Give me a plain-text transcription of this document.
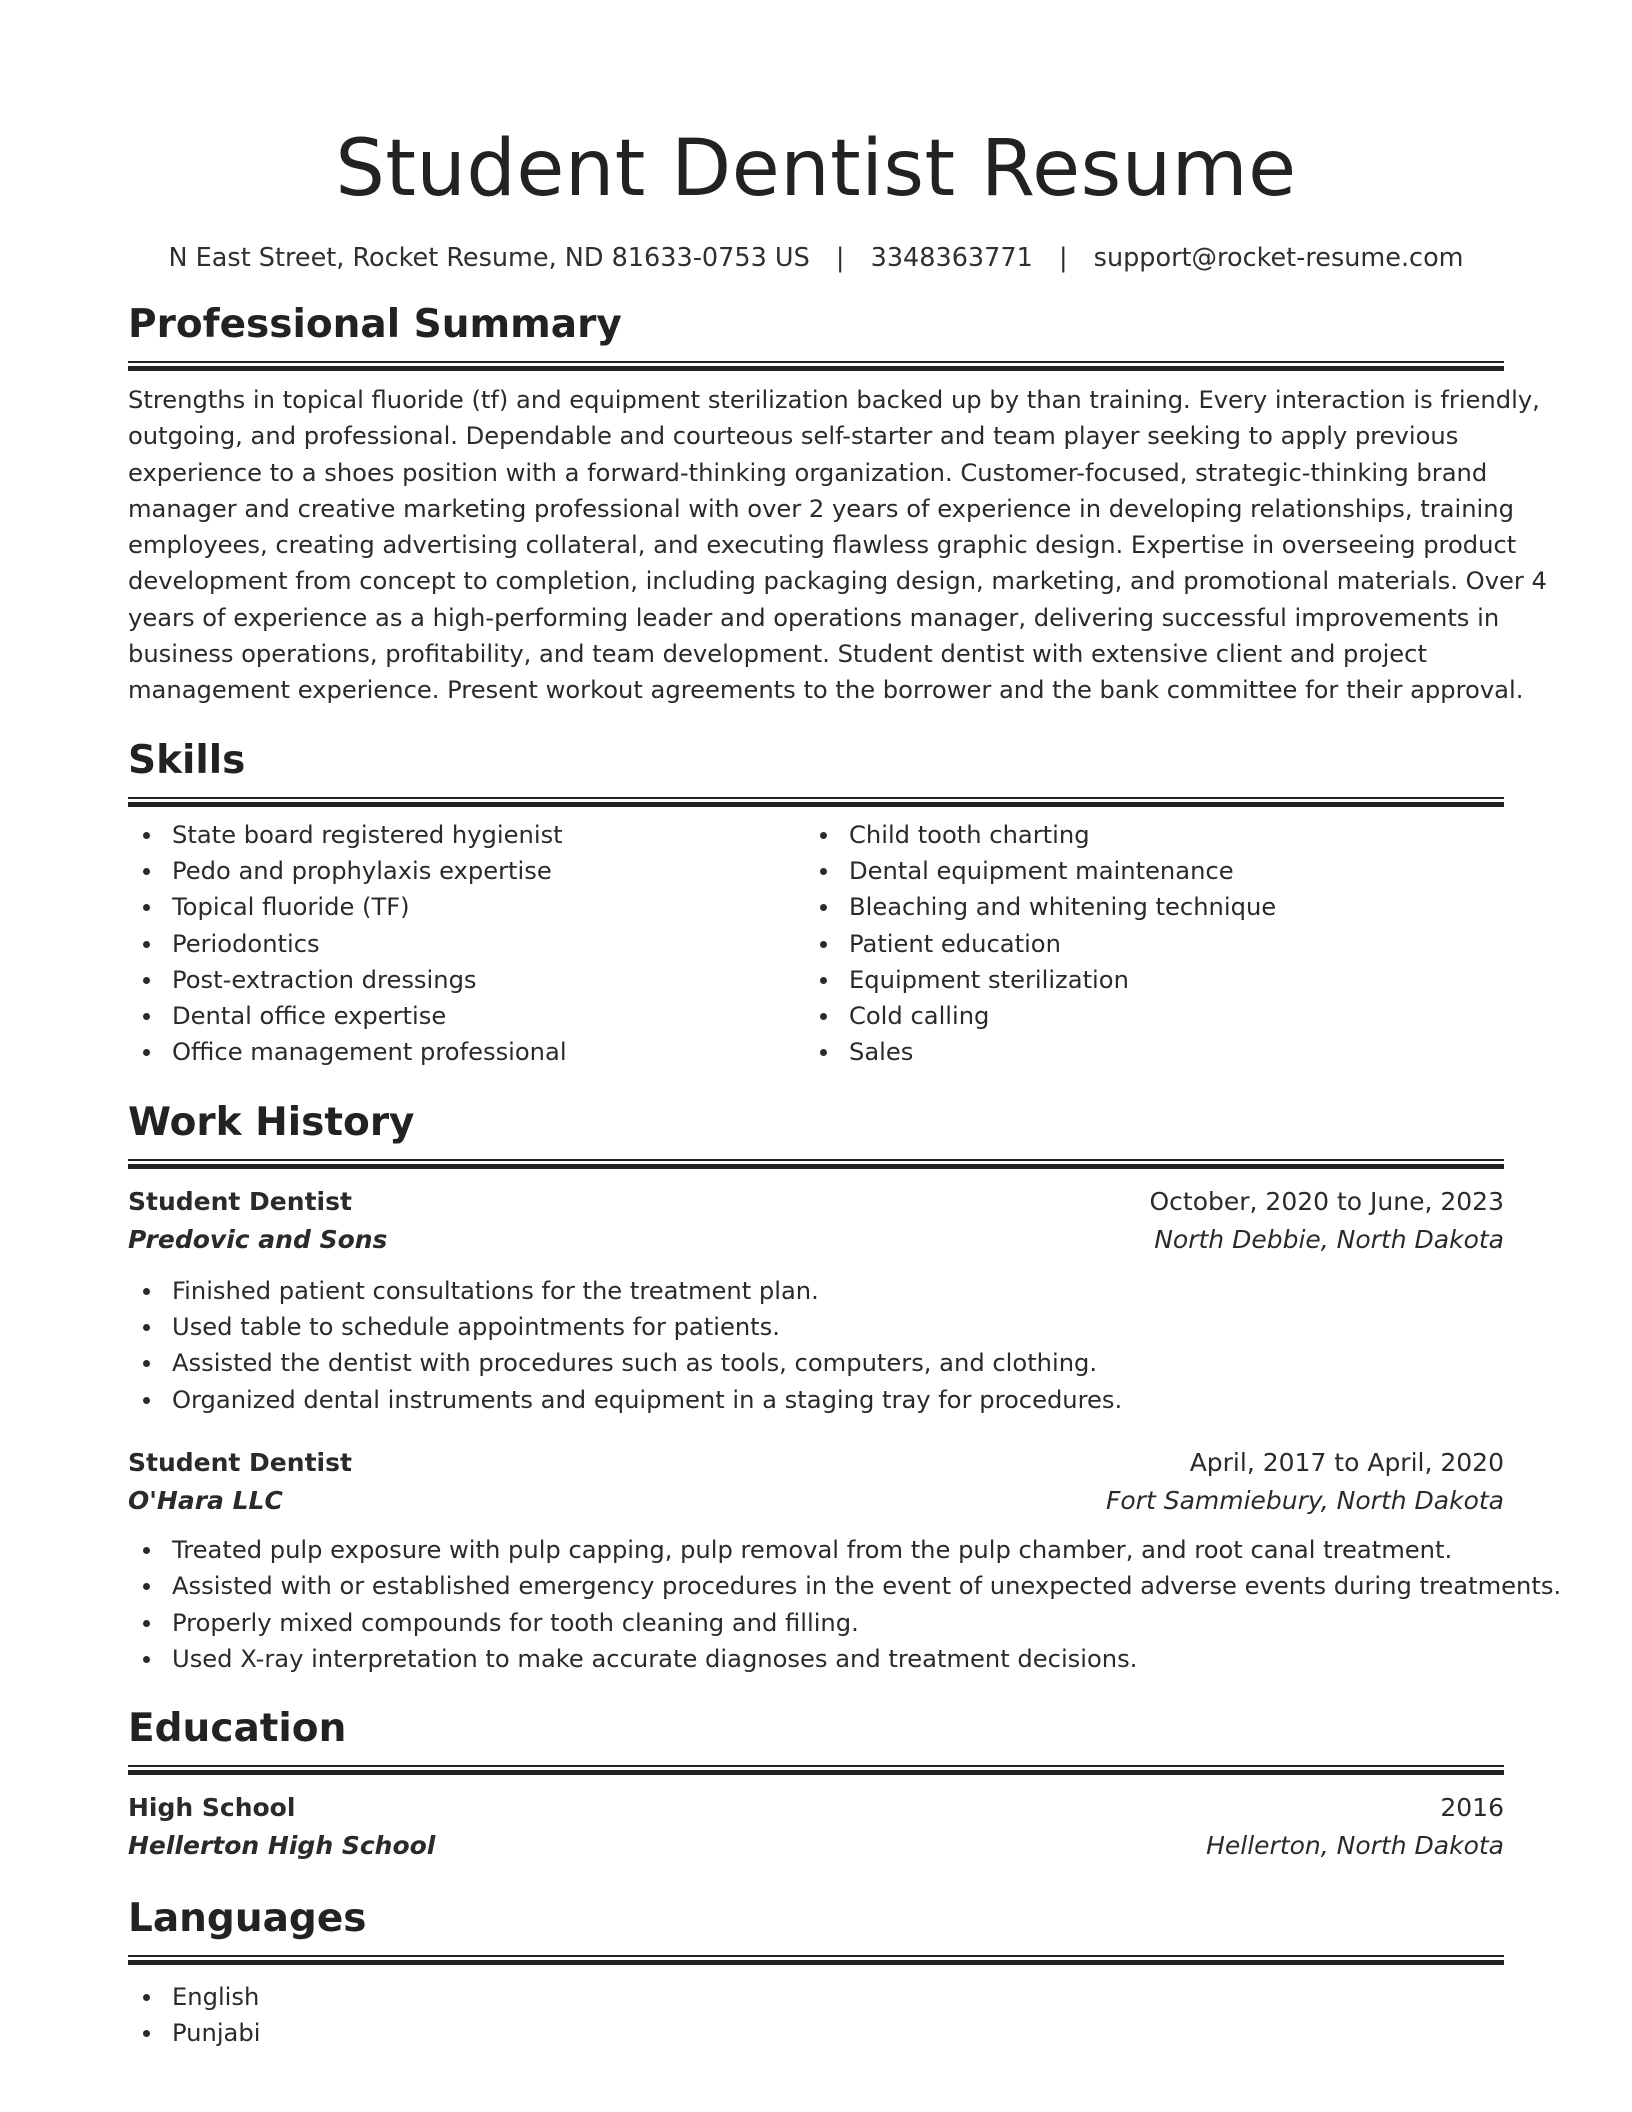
Student Dentist Resume
N East Street, Rocket Resume, ND 81633-0753 US | 3348363771 | support@rocket-resume.com
Professional Summary

Strengths in topical fluoride (tf) and equipment sterilization backed up by than training. Every interaction is friendly,
outgoing, and professional. Dependable and courteous self-starter and team player seeking to apply previous
experience to a shoes position with a forward-thinking organization. Customer-focused, strategic-thinking brand
manager and creative marketing professional with over 2 years of experience in developing relationships, training
employees, creating advertising collateral, and executing flawless graphic design. Expertise in overseeing product
development from concept to completion, including packaging design, marketing, and promotional materials. Over 4
years of experience as a high-performing leader and operations manager, delivering successful improvements in
business operations, profitability, and team development. Student dentist with extensive client and project
management experience. Present workout agreements to the borrower and the bank committee for their approval.

Skills
State board registered hygienist
Pedo and prophylaxis expertise
Topical fluoride (TF)
Periodontics
Post-extraction dressings
Dental office expertise
Office management professional
Child tooth charting
Dental equipment maintenance
Bleaching and whitening technique
Patient education
Equipment sterilization
Cold calling
Sales
Work History
Student Dentist	October, 2020 to June, 2023
Predovic and Sons	North Debbie, North Dakota
Finished patient consultations for the treatment plan.
Used table to schedule appointments for patients.
Assisted the dentist with procedures such as tools, computers, and clothing.
Organized dental instruments and equipment in a staging tray for procedures.
Student Dentist	April, 2017 to April, 2020
O'Hara LLC	Fort Sammiebury, North Dakota
Treated pulp exposure with pulp capping, pulp removal from the pulp chamber, and root canal treatment.
Assisted with or established emergency procedures in the event of unexpected adverse events during treatments.
Properly mixed compounds for tooth cleaning and filling.
Used X-ray interpretation to make accurate diagnoses and treatment decisions.
Education
High School	2016
Hellerton High School	Hellerton, North Dakota
Languages
English
Punjabi
